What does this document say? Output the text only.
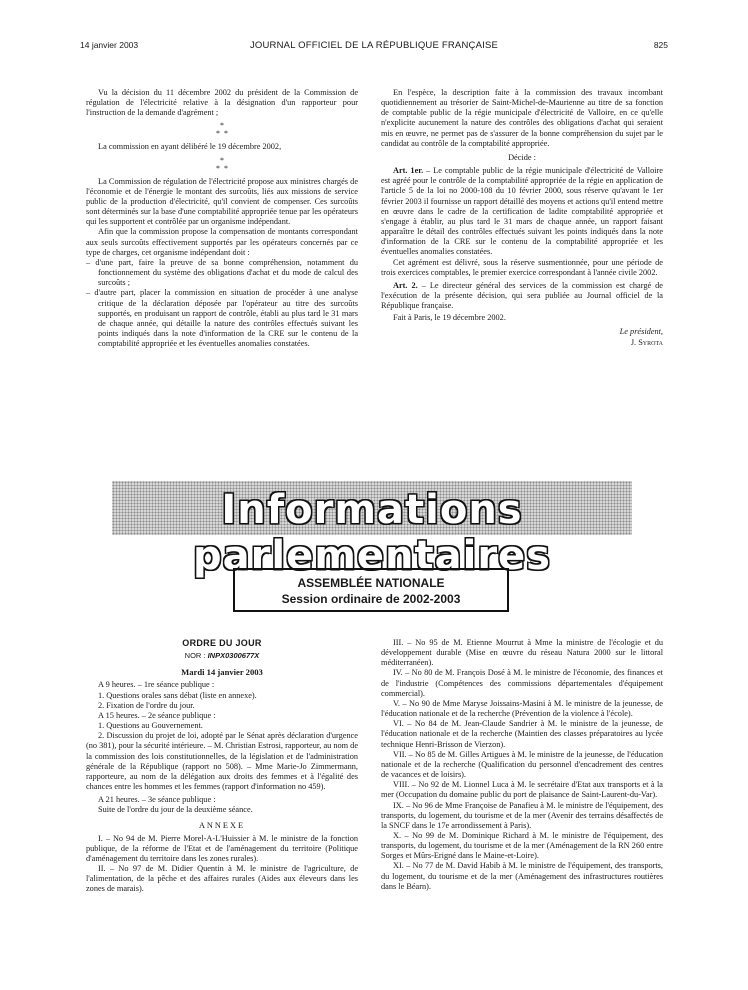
14 janvier 2003	JOURNAL OFFICIEL DE LA RÉPUBLIQUE FRANÇAISE	825

Vu la décision du 11 décembre 2002 du président de la Commission de régulation de l'électricité relative à la désignation d'un rapporteur pour l'instruction de la demande d'agrément ;

*
*  *

La commission en ayant délibéré le 19 décembre 2002,

*
*  *

La Commission de régulation de l'électricité propose aux ministres chargés de l'économie et de l'énergie le montant des surcoûts, liés aux missions de service public de la production d'électricité, qu'il convient de compenser. Ces surcoûts sont déterminés sur la base d'une comptabilité appropriée tenue par les opérateurs qui les supportent et contrôlée par un organisme indépendant.

Afin que la commission propose la compensation de montants correspondant aux seuls surcoûts effectivement supportés par les opérateurs concernés par ce type de charges, cet organisme indépendant doit :

– d'une part, faire la preuve de sa bonne compréhension, notamment du fonctionnement du système des obligations d'achat et du mode de calcul des surcoûts ;

– d'autre part, placer la commission en situation de procéder à une analyse critique de la déclaration déposée par l'opérateur au titre des surcoûts supportés, en produisant un rapport de contrôle, établi au plus tard le 31 mars de chaque année, qui détaille la nature des contrôles effectués suivant les points indiqués dans la note d'information de la CRE sur le contenu de la comptabilité appropriée et les éventuelles anomalies constatées.

En l'espèce, la description faite à la commission des travaux incombant quotidiennement au trésorier de Saint-Michel-de-Maurienne au titre de sa fonction de comptable public de la régie municipale d'électricité de Valloire, en ce qu'elle n'explicite aucunement la nature des contrôles des obligations d'achat qui seraient mis en œuvre, ne permet pas de s'assurer de la bonne compréhension du sujet par le candidat au contrôle de la comptabilité appropriée.

Décide :

Art. 1er. – Le comptable public de la régie municipale d'électricité de Valloire est agréé pour le contrôle de la comptabilité appropriée de la régie en application de l'article 5 de la loi no 2000-108 du 10 février 2000, sous réserve qu'avant le 1er février 2003 il fournisse un rapport détaillé des moyens et actions qu'il entend mettre en œuvre dans le cadre de la certification de ladite comptabilité appropriée et s'engage à établir, au plus tard le 31 mars de chaque année, un rapport faisant apparaître le détail des contrôles effectués suivant les points indiqués dans la note d'information de la CRE sur le contenu de la comptabilité appropriée et les éventuelles anomalies constatées.

Cet agrément est délivré, sous la réserve susmentionnée, pour une période de trois exercices comptables, le premier exercice correspondant à l'année civile 2002.

Art. 2. – Le directeur général des services de la commission est chargé de l'exécution de la présente décision, qui sera publiée au Journal officiel de la République française.

Fait à Paris, le 19 décembre 2002.

Le président,

J. Syrota

Informations parlementaires
ASSEMBLÉE NATIONALE
Session ordinaire de 2002-2003

ORDRE DU JOUR

NOR : INPX0300677X

Mardi 14 janvier 2003

A 9 heures. – 1re séance publique :

1. Questions orales sans débat (liste en annexe).

2. Fixation de l'ordre du jour.

A 15 heures. – 2e séance publique :

1. Questions au Gouvernement.

2. Discussion du projet de loi, adopté par le Sénat après déclaration d'urgence (no 381), pour la sécurité intérieure. – M. Christian Estrosi, rapporteur, au nom de la commission des lois constitutionnelles, de la législation et de l'administration générale de la République (rapport no 508). – Mme Marie-Jo Zimmermann, rapporteure, au nom de la délégation aux droits des femmes et à l'égalité des chances entre les hommes et les femmes (rapport d'information no 459).

A 21 heures. – 3e séance publique :

Suite de l'ordre du jour de la deuxième séance.

ANNEXE

I. – No 94 de M. Pierre Morel-A-L'Huissier à M. le ministre de la fonction publique, de la réforme de l'Etat et de l'aménagement du territoire (Politique d'aménagement du territoire dans les zones rurales).

II. – No 97 de M. Didier Quentin à M. le ministre de l'agriculture, de l'alimentation, de la pêche et des affaires rurales (Aides aux éleveurs dans les zones de marais).

III. – No 95 de M. Etienne Mourrut à Mme la ministre de l'écologie et du développement durable (Mise en œuvre du réseau Natura 2000 sur le littoral méditerranéen).

IV. – No 80 de M. François Dosé à M. le ministre de l'économie, des finances et de l'industrie (Compétences des commissions départementales d'équipement commercial).

V. – No 90 de Mme Maryse Joissains-Masini à M. le ministre de la jeunesse, de l'éducation nationale et de la recherche (Prévention de la violence à l'école).

VI. – No 84 de M. Jean-Claude Sandrier à M. le ministre de la jeunesse, de l'éducation nationale et de la recherche (Maintien des classes préparatoires au lycée technique Henri-Brisson de Vierzon).

VII. – No 85 de M. Gilles Artigues à M. le ministre de la jeunesse, de l'éducation nationale et de la recherche (Qualification du personnel d'encadrement des centres de vacances et de loisirs).

VIII. – No 92 de M. Lionnel Luca à M. le secrétaire d'Etat aux transports et à la mer (Occupation du domaine public du port de plaisance de Saint-Laurent-du-Var).

IX. – No 96 de Mme Françoise de Panafieu à M. le ministre de l'équipement, des transports, du logement, du tourisme et de la mer (Avenir des terrains désaffectés de la SNCF dans le 17e arrondissement à Paris).

X. – No 99 de M. Dominique Richard à M. le ministre de l'équipement, des transports, du logement, du tourisme et de la mer (Aménagement de la RN 260 entre Sorges et Mûrs-Erigné dans le Maine-et-Loire).

XI. – No 77 de M. David Habib à M. le ministre de l'équipement, des transports, du logement, du tourisme et de la mer (Aménagement des infrastructures routières dans le Béarn).
